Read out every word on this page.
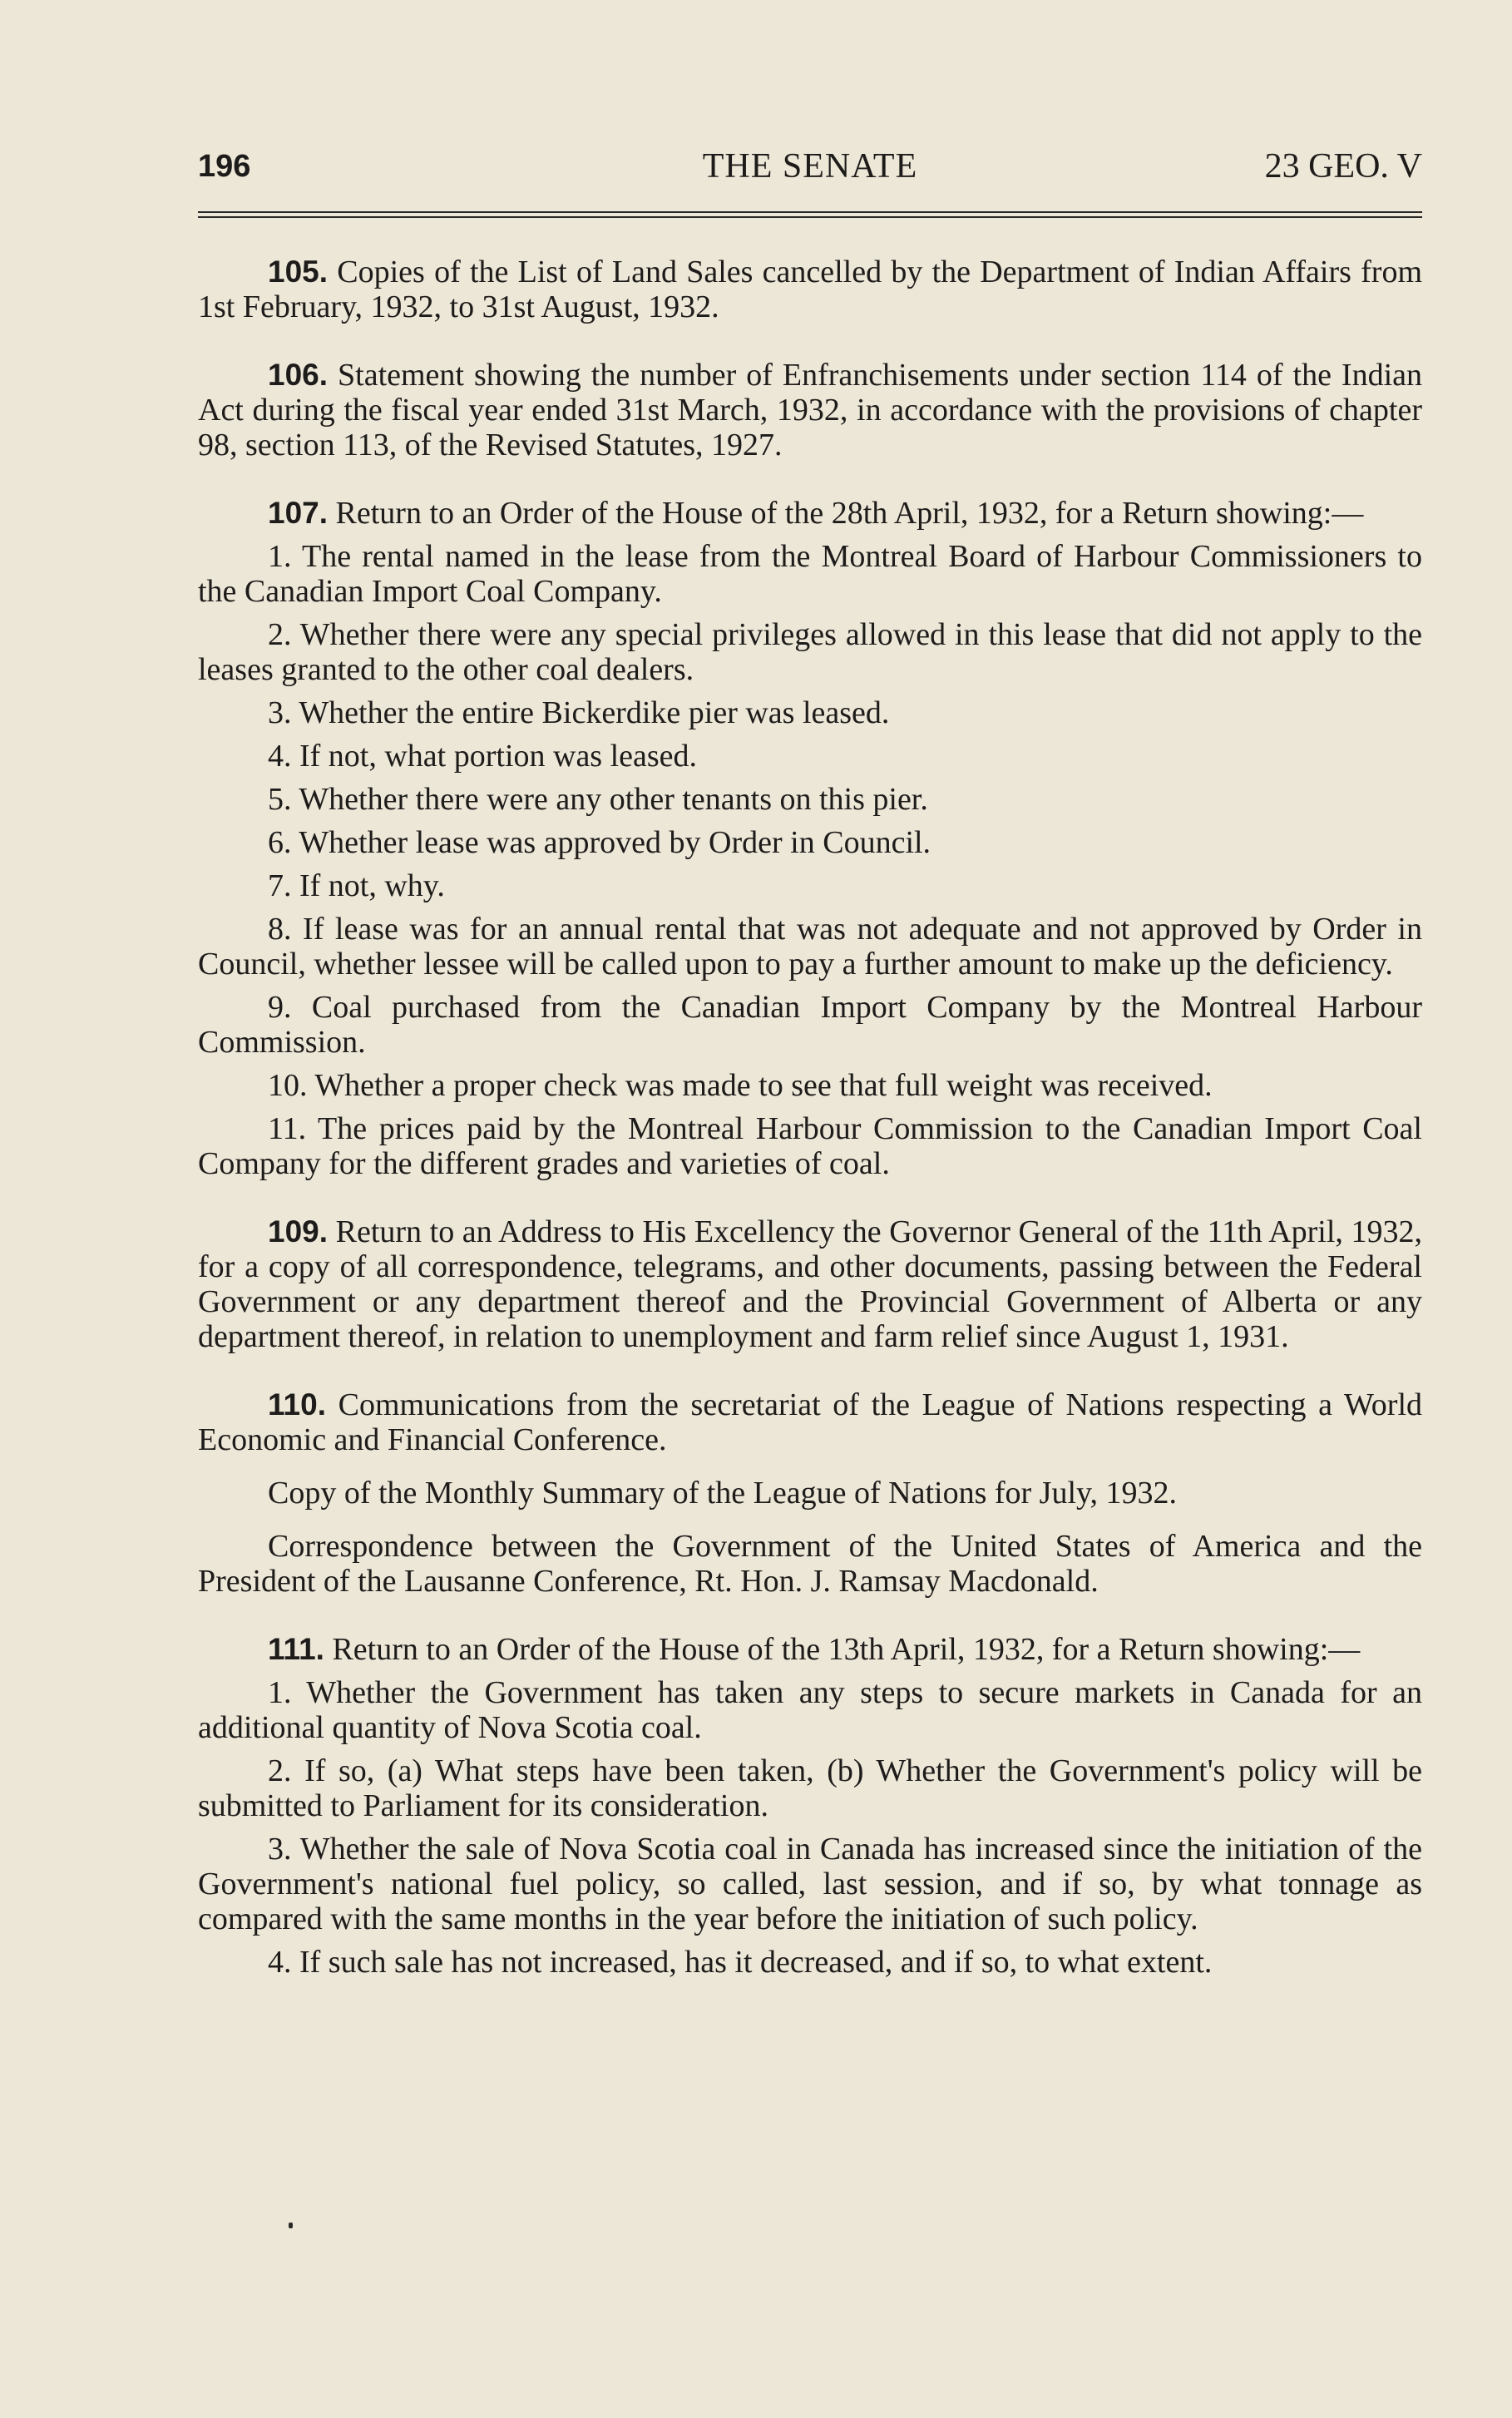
196	THE SENATE	23 GEO. V

105. Copies of the List of Land Sales cancelled by the Department of Indian Affairs from 1st February, 1932, to 31st August, 1932.

106. Statement showing the number of Enfranchisements under section 114 of the Indian Act during the fiscal year ended 31st March, 1932, in accordance with the provisions of chapter 98, section 113, of the Revised Statutes, 1927.

107. Return to an Order of the House of the 28th April, 1932, for a Return showing:—

1. The rental named in the lease from the Montreal Board of Harbour Commissioners to the Canadian Import Coal Company.

2. Whether there were any special privileges allowed in this lease that did not apply to the leases granted to the other coal dealers.

3. Whether the entire Bickerdike pier was leased.

4. If not, what portion was leased.

5. Whether there were any other tenants on this pier.

6. Whether lease was approved by Order in Council.

7. If not, why.

8. If lease was for an annual rental that was not adequate and not approved by Order in Council, whether lessee will be called upon to pay a further amount to make up the deficiency.

9. Coal purchased from the Canadian Import Company by the Montreal Harbour Commission.

10. Whether a proper check was made to see that full weight was received.

11. The prices paid by the Montreal Harbour Commission to the Canadian Import Coal Company for the different grades and varieties of coal.

109. Return to an Address to His Excellency the Governor General of the 11th April, 1932, for a copy of all correspondence, telegrams, and other documents, passing between the Federal Government or any department thereof and the Provincial Government of Alberta or any department thereof, in relation to unemployment and farm relief since August 1, 1931.

110. Communications from the secretariat of the League of Nations respecting a World Economic and Financial Conference.

Copy of the Monthly Summary of the League of Nations for July, 1932.

Correspondence between the Government of the United States of America and the President of the Lausanne Conference, Rt. Hon. J. Ramsay Macdonald.

111. Return to an Order of the House of the 13th April, 1932, for a Return showing:—

1. Whether the Government has taken any steps to secure markets in Canada for an additional quantity of Nova Scotia coal.

2. If so, (a) What steps have been taken, (b) Whether the Government's policy will be submitted to Parliament for its consideration.

3. Whether the sale of Nova Scotia coal in Canada has increased since the initiation of the Government's national fuel policy, so called, last session, and if so, by what tonnage as compared with the same months in the year before the initiation of such policy.

4. If such sale has not increased, has it decreased, and if so, to what extent.
